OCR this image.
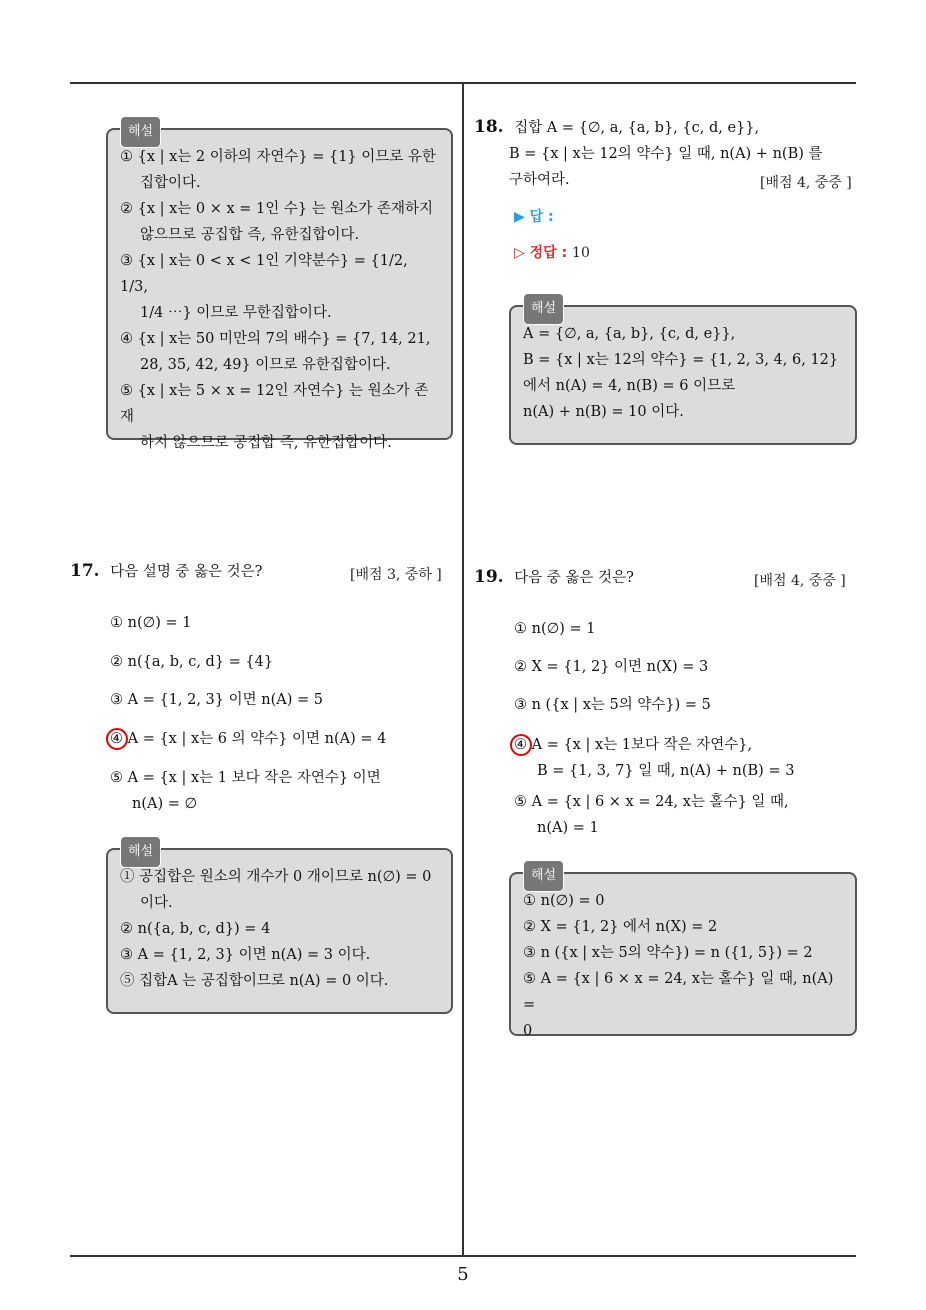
해설
① {x | x는 2 이하의 자연수} = {1} 이므로 유한
집합이다.
② {x | x는 0 × x = 1인 수} 는 원소가 존재하지
않으므로 공집합 즉, 유한집합이다.
③ {x | x는 0 < x < 1인 기약분수} = {1/2, 1/3,
1/4 ⋯} 이므로 무한집합이다.
④ {x | x는 50 미만의 7의 배수} = {7, 14, 21,
28, 35, 42, 49} 이므로 유한집합이다.
⑤ {x | x는 5 × x = 12인 자연수} 는 원소가 존재
하지 않으므로 공집합 즉, 유한집합이다.
17. 다음 설명 중 옳은 것은?	[배점 3, 중하 ]
① n(∅) = 1
② n({a, b, c, d} = {4}
③ A = {1, 2, 3} 이면 n(A) = 5
④ A = {x | x는 6 의 약수} 이면 n(A) = 4
⑤ A = {x | x는 1 보다 작은 자연수} 이면
n(A) = ∅
해설
① 공집합은 원소의 개수가 0 개이므로 n(∅) = 0
이다.
② n({a, b, c, d}) = 4
③ A = {1, 2, 3} 이면 n(A) = 3 이다.
⑤ 집합A 는 공집합이므로 n(A) = 0 이다.
18. 집합 A = {∅, a, {a, b}, {c, d, e}},
B = {x | x는 12의 약수} 일 때, n(A) + n(B) 를
구하여라.	[배점 4, 중중 ]
▶ 답 :
▷ 정답 : 10
해설
A = {∅, a, {a, b}, {c, d, e}},
B = {x | x는 12의 약수} = {1, 2, 3, 4, 6, 12}
에서 n(A) = 4, n(B) = 6 이므로
n(A) + n(B) = 10 이다.
19. 다음 중 옳은 것은?	[배점 4, 중중 ]
① n(∅) = 1
② X = {1, 2} 이면 n(X) = 3
③ n ({x | x는 5의 약수}) = 5
④ A = {x | x는 1보다 작은 자연수},
B = {1, 3, 7} 일 때, n(A) + n(B) = 3
⑤ A = {x | 6 × x = 24, x는 홀수} 일 때,
n(A) = 1
해설
① n(∅) = 0
② X = {1, 2} 에서 n(X) = 2
③ n ({x | x는 5의 약수}) = n ({1, 5}) = 2
⑤ A = {x | 6 × x = 24, x는 홀수} 일 때, n(A) =
0
5
